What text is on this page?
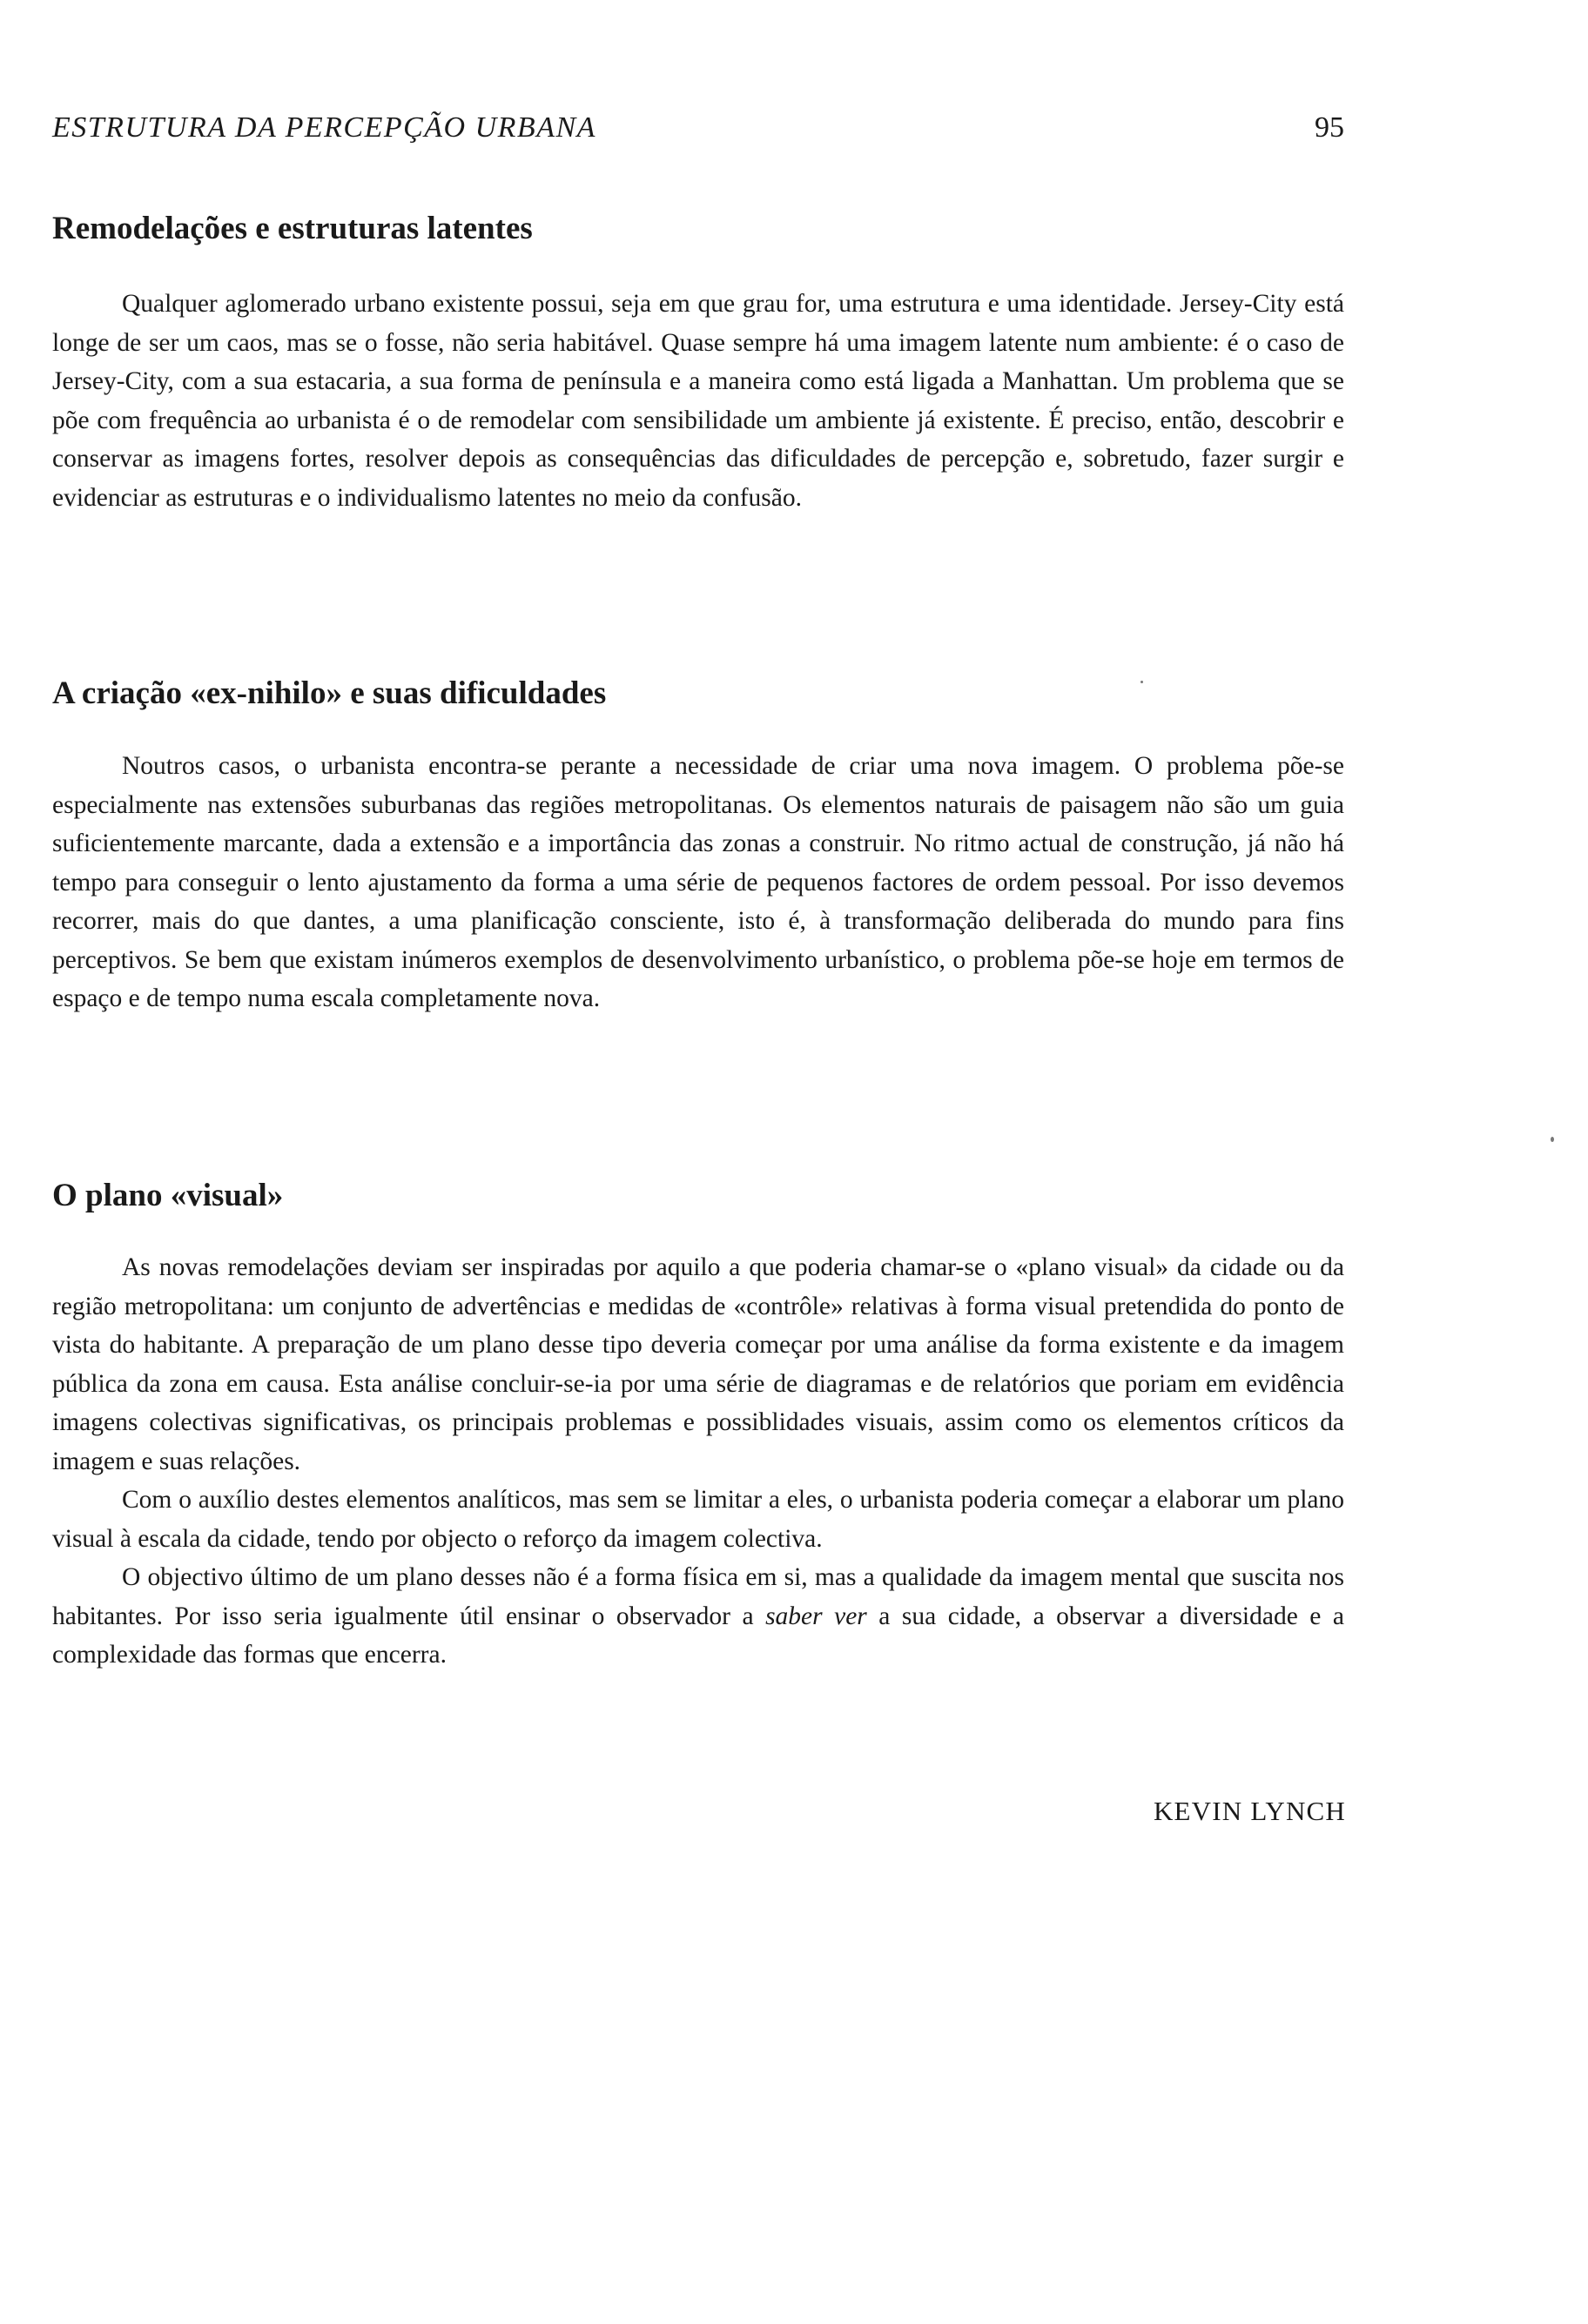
ESTRUTURA DA PERCEPÇÃO URBANA	95
Remodelações e estruturas latentes

Qualquer aglomerado urbano existente possui, seja em que grau for, uma estrutura e uma identidade. Jersey-City está longe de ser um caos, mas se o fosse, não seria habitável. Quase sempre há uma imagem latente num ambiente: é o caso de Jersey-City, com a sua estacaria, a sua forma de península e a maneira como está ligada a Manhattan. Um problema que se põe com frequência ao urbanista é o de remodelar com sensibilidade um ambiente já existente. É preciso, então, descobrir e conservar as imagens fortes, resolver depois as consequências das dificuldades de percepção e, sobretudo, fazer surgir e evidenciar as estruturas e o individualismo latentes no meio da confusão.

A criação «ex-nihilo» e suas dificuldades

Noutros casos, o urbanista encontra-se perante a necessidade de criar uma nova imagem. O problema põe-se especialmente nas extensões suburbanas das regiões metropolitanas. Os elementos naturais de paisagem não são um guia suficientemente marcante, dada a extensão e a importância das zonas a construir. No ritmo actual de construção, já não há tempo para conseguir o lento ajustamento da forma a uma série de pequenos factores de ordem pessoal. Por isso devemos recorrer, mais do que dantes, a uma planificação consciente, isto é, à transformação deliberada do mundo para fins perceptivos. Se bem que existam inúmeros exemplos de desenvolvimento urbanístico, o problema põe-se hoje em termos de espaço e de tempo numa escala completamente nova.

O plano «visual»

As novas remodelações deviam ser inspiradas por aquilo a que poderia chamar-se o «plano visual» da cidade ou da região metropolitana: um conjunto de advertências e medidas de «contrôle» relativas à forma visual pretendida do ponto de vista do habitante. A preparação de um plano desse tipo deveria começar por uma análise da forma existente e da imagem pública da zona em causa. Esta análise concluir-se-ia por uma série de diagramas e de relatórios que poriam em evidência imagens colectivas significativas, os principais problemas e possiblidades visuais, assim como os elementos críticos da imagem e suas relações.

Com o auxílio destes elementos analíticos, mas sem se limitar a eles, o urbanista poderia começar a elaborar um plano visual à escala da cidade, tendo por objecto o reforço da imagem colectiva.

O objectivo último de um plano desses não é a forma física em si, mas a qualidade da imagem mental que suscita nos habitantes. Por isso seria igualmente útil ensinar o observador a saber ver a sua cidade, a observar a diversidade e a complexidade das formas que encerra.

KEVIN LYNCH
